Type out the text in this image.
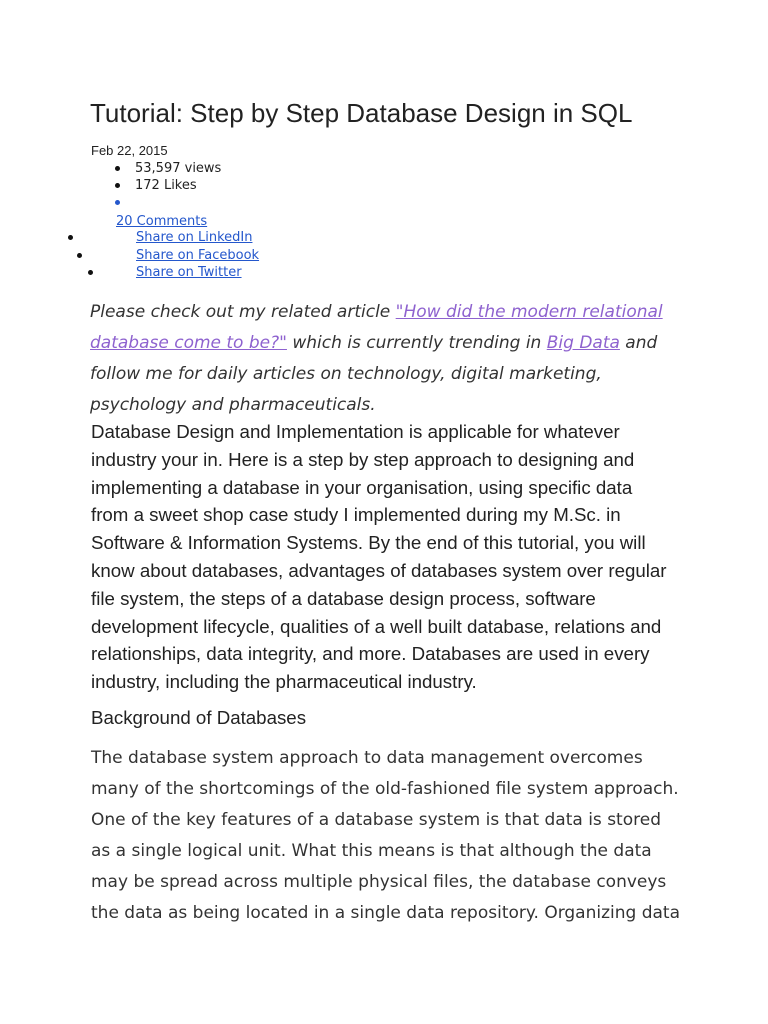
Tutorial: Step by Step Database Design in SQL
Feb 22, 2015
53,597 views
172 Likes
20 Comments
Share on LinkedIn
Share on Facebook
Share on Twitter

Please check out my related article "How did the modern relational database come to be?" which is currently trending in Big Data and follow me for daily articles on technology, digital marketing, psychology and pharmaceuticals.

Database Design and Implementation is applicable for whatever
industry your in. Here is a step by step approach to designing and
implementing a database in your organisation, using specific data
from a sweet shop case study I implemented during my M.Sc. in
Software & Information Systems. By the end of this tutorial, you will
know about databases, advantages of databases system over regular
file system, the steps of a database design process, software
development lifecycle, qualities of a well built database, relations and
relationships, data integrity, and more. Databases are used in every
industry, including the pharmaceutical industry.
Background of Databases
The database system approach to data management overcomes
many of the shortcomings of the old-fashioned file system approach.
One of the key features of a database system is that data is stored
as a single logical unit. What this means is that although the data
may be spread across multiple physical files, the database conveys
the data as being located in a single data repository. Organizing data
